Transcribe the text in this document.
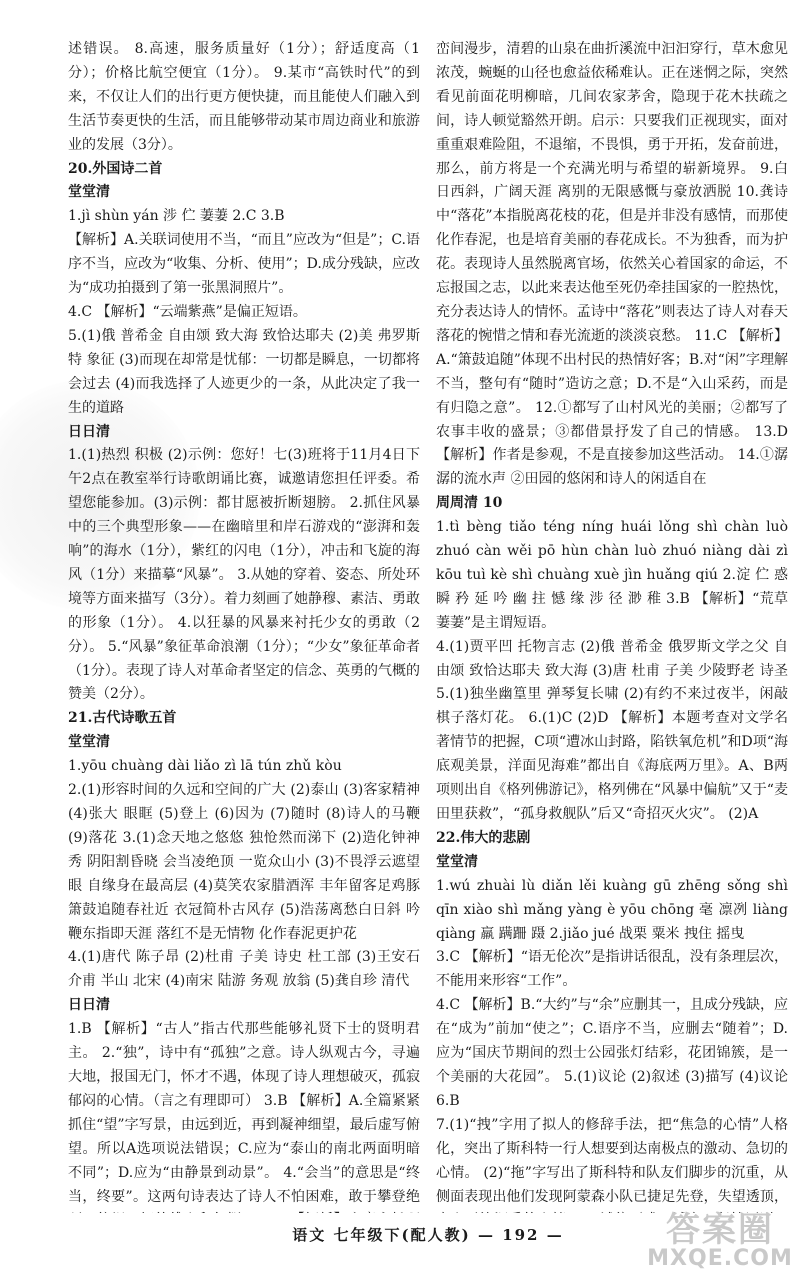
述错误。 8.高速，服务质量好（1分）；舒适度高（1分）；价格比航空便宜（1分）。 9.某市“高铁时代”的到来，不仅让人们的出行更方便快捷，而且能使人们融入到生活节奏更快的生活，而且能够带动某市周边商业和旅游业的发展（3分）。

20.外国诗二首

堂堂清

1.jì shùn yán 涉 伫 萋萋 2.C 3.B

【解析】A.关联词使用不当，“而且”应改为“但是”；C.语序不当，应改为“收集、分析、使用”；D.成分残缺，应改为“成功拍摄到了第一张黑洞照片”。

4.C 【解析】“云端紫燕”是偏正短语。

5.(1)俄 普希金 自由颂 致大海 致恰达耶夫 (2)美 弗罗斯特 象征 (3)而现在却常是忧郁：一切都是瞬息，一切都将会过去 (4)而我选择了人迹更少的一条，从此决定了我一生的道路

日日清

1.(1)热烈 积极 (2)示例：您好！七(3)班将于11月4日下午2点在教室举行诗歌朗诵比赛，诚邀请您担任评委。希望您能参加。(3)示例：都甘愿被折断翅膀。 2.抓住风暴中的三个典型形象——在幽暗里和岸石游戏的“澎湃和轰响”的海水（1分），紫红的闪电（1分），冲击和飞旋的海风（1分）来描摹“风暴”。 3.从她的穿着、姿态、所处环境等方面来描写（3分）。着力刻画了她静穆、素洁、勇敢的形象（1分）。 4.以狂暴的风暴来衬托少女的勇敢（2分）。 5.“风暴”象征革命浪潮（1分）；“少女”象征革命者（1分）。表现了诗人对革命者坚定的信念、英勇的气概的赞美（2分）。

21.古代诗歌五首

堂堂清

1.yōu chuàng dài liǎo zì lā tún zhǔ kòu

2.(1)形容时间的久远和空间的广大 (2)泰山 (3)客家精神 (4)张大 眼眶 (5)登上 (6)因为 (7)随时 (8)诗人的马鞭 (9)落花 3.(1)念天地之悠悠 独怆然而涕下 (2)造化钟神秀 阴阳割昏晓 会当凌绝顶 一览众山小 (3)不畏浮云遮望眼 自缘身在最高层 (4)莫笑农家腊酒浑 丰年留客足鸡豚 箫鼓追随春社近 衣冠简朴古风存 (5)浩荡离愁白日斜 吟鞭东指即天涯 落红不是无情物 化作春泥更护花

4.(1)唐代 陈子昂 (2)杜甫 子美 诗史 杜工部 (3)王安石 介甫 半山 北宋 (4)南宋 陆游 务观 放翁 (5)龚自珍 清代

日日清

1.B 【解析】“古人”指古代那些能够礼贤下士的贤明君主。 2.“独”，诗中有“孤独”之意。诗人纵观古今，寻遍大地，报国无门，怀才不遇，体现了诗人理想破灭，孤寂郁闷的心情。（言之有理即可） 3.B 【解析】A.全篇紧紧抓住“望”字写景，由远到近，再到凝神细望，最后虚写俯望。所以A选项说法错误；C.应为“泰山的南北两面明暗不同”；D.应为“由静景到动景”。 4.“会当”的意思是“终当，终要”。这两句诗表达了诗人不怕困难，敢于攀登绝

峦间漫步，清碧的山泉在曲折溪流中汩汩穿行，草木愈见浓茂，蜿蜒的山径也愈益依稀难认。正在迷惘之际，突然看见前面花明柳暗，几间农家茅舍，隐现于花木扶疏之间，诗人顿觉豁然开朗。启示：只要我们正视现实，面对重重艰难险阻，不退缩，不畏惧，勇于开拓，发奋前进，那么，前方将是一个充满光明与希望的崭新境界。 9.白日西斜，广阔天涯 离别的无限感慨与豪放洒脱 10.龚诗中“落花”本指脱离花枝的花，但是并非没有感情，而那使化作春泥，也是培育美丽的春花成长。不为独香，而为护花。表现诗人虽然脱离官场，依然关心着国家的命运，不忘报国之志，以此来表达他至死仍牵挂国家的一腔热忱，充分表达诗人的情怀。孟诗中“落花”则表达了诗人对春天落花的惋惜之情和春光流逝的淡淡哀愁。 11.C 【解析】A.“箫鼓追随”体现不出村民的热情好客；B.对“闲”字理解不当，整句有“随时”造访之意；D.不是“入山采药，而是有归隐之意”。 12.①都写了山村风光的美丽；②都写了农事丰收的盛景；③都借景抒发了自己的情感。 13.D 【解析】作者是参观，不是直接参加这些活动。 14.①潺潺的流水声 ②田园的悠闲和诗人的闲适自在

周周清 10

1.tì bèng tiǎo téng níng huái lǒng shì chàn luò zhuó càn wěi pō hùn chàn luò zhuó niàng dài zì kōu tuì kè shì chuàng xuè jìn huǎng qiú 2.淀 伫 惑 瞬 矜 延 吟 幽 拄 憾 缘 涉 径 渺 稚 3.B 【解析】“荒草萋萋”是主谓短语。

4.(1)贾平凹 托物言志 (2)俄 普希金 俄罗斯文学之父 自由颂 致恰达耶夫 致大海 (3)唐 杜甫 子美 少陵野老 诗圣 5.(1)独坐幽篁里 弹琴复长啸 (2)有约不来过夜半，闲敲棋子落灯花。 6.(1)C (2)D 【解析】本题考查对文学名著情节的把握，C项“遭冰山封路，陷铁氧危机”和D项“海底观美景，洋面见海难”都出自《海底两万里》。A、B两项则出自《格列佛游记》，格列佛在“风暴中偏航”又于“麦田里获救”，“孤身救舰队”后又“奇招灭火灾”。 (2)A

22.伟大的悲剧

堂堂清

1.wú zhuài lù diǎn lěi kuàng gū zhēng sǒng shì qīn xiào shì mǎng yàng è yōu chōng 毫 凛冽 liàng qiàng 羸 蹒跚 蹑 2.jiǎo jué 战栗 粟米 拽住 摇曳

3.C 【解析】“语无伦次”是指讲话很乱，没有条理层次，不能用来形容“工作”。

4.C 【解析】B.“大约”与“余”应删其一，且成分残缺，应在“成为”前加“使之”；C.语序不当，应删去“随着”；D.应为“国庆节期间的烈士公园张灯结彩，花团锦簇，是一个美丽的大花园”。 5.(1)议论 (2)叙述 (3)描写 (4)议论 6.B

7.(1)“拽”字用了拟人的修辞手法，把“焦急的心情”人格化，突出了斯科特一行人想要到达南极点的激动、急切的心情。 (2)“拖”字写出了斯科特和队友们脚步的沉重，从侧面表现出他们发现阿蒙森小队已捷足先登，失望透顶，

语文 七年级下(配人教) — 192 —	答案圈
MXQE.COM
